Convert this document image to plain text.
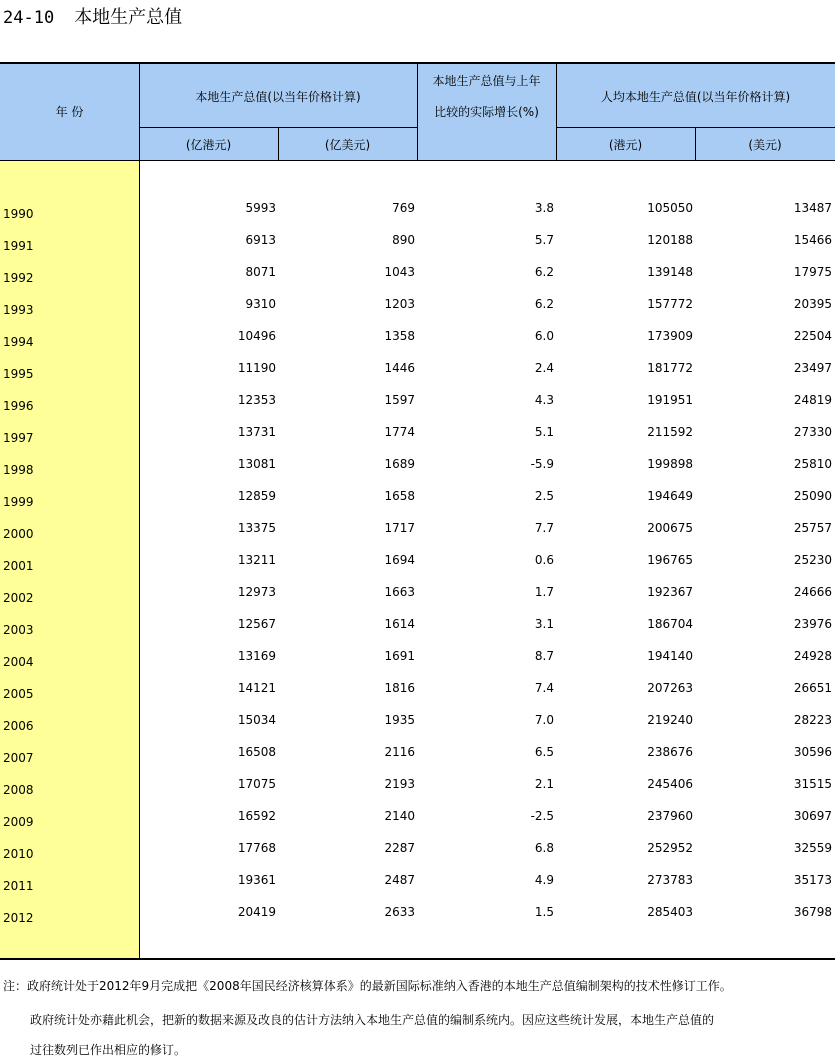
24-10 本地生产总值
年 份
本地生产总值(以当年价格计算)
(亿港元)	(亿美元)
本地生产总值与上年
比较的实际增长(%)
人均本地生产总值(以当年价格计算)
(港元)	(美元)
1990	5993	769	3.8	105050	13487
1991	6913	890	5.7	120188	15466
1992	8071	1043	6.2	139148	17975
1993	9310	1203	6.2	157772	20395
1994	10496	1358	6.0	173909	22504
1995	11190	1446	2.4	181772	23497
1996	12353	1597	4.3	191951	24819
1997	13731	1774	5.1	211592	27330
1998	13081	1689	-5.9	199898	25810
1999	12859	1658	2.5	194649	25090
2000	13375	1717	7.7	200675	25757
2001	13211	1694	0.6	196765	25230
2002	12973	1663	1.7	192367	24666
2003	12567	1614	3.1	186704	23976
2004	13169	1691	8.7	194140	24928
2005	14121	1816	7.4	207263	26651
2006	15034	1935	7.0	219240	28223
2007	16508	2116	6.5	238676	30596
2008	17075	2193	2.1	245406	31515
2009	16592	2140	-2.5	237960	30697
2010	17768	2287	6.8	252952	32559
2011	19361	2487	4.9	273783	35173
2012	20419	2633	1.5	285403	36798
注：政府统计处于2012年9月完成把《2008年国民经济核算体系》的最新国际标准纳入香港的本地生产总值编制架构的技术性修订工作。
政府统计处亦藉此机会，把新的数据来源及改良的估计方法纳入本地生产总值的编制系统内。因应这些统计发展，本地生产总值的
过往数列已作出相应的修订。
